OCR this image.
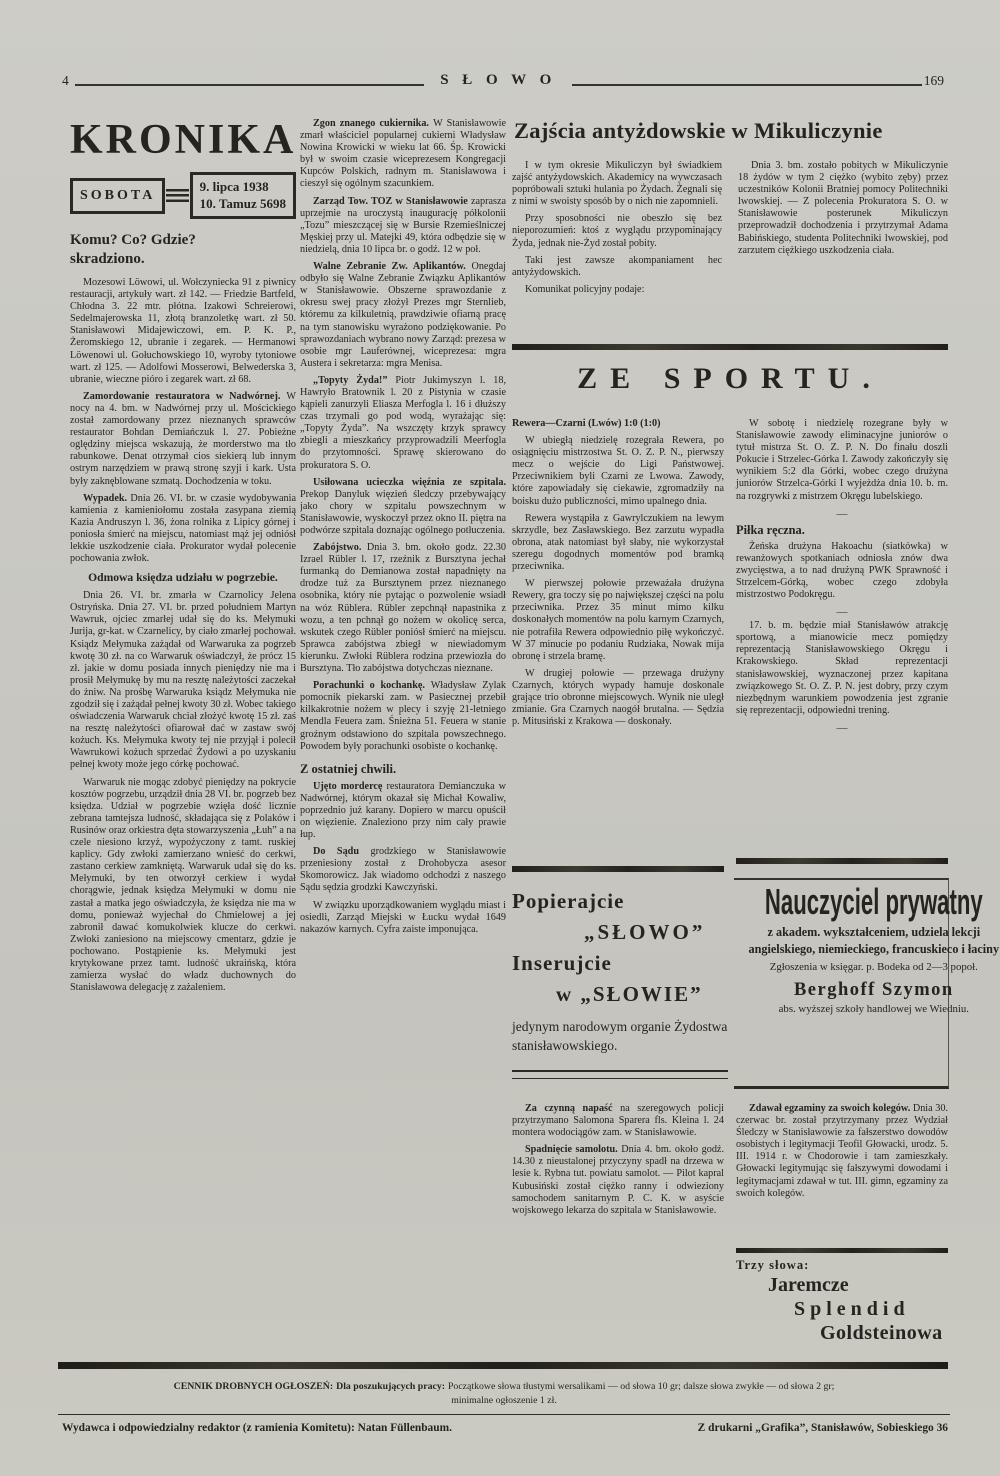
4	S Ł O W O	169
KRONIKA
SOBOTA
9. lipca 1938
10. Tamuz 5698
Komu? Co? Gdzie? skradziono.

Mozesowi Löwowi, ul. Wołczyniecka 91 z piwnicy restauracji, artykuły wart. zł 142. — Friedzie Bartfeld, Chłodna 3. 22 mtr. płótna. Izakowi Schreierowi, Sedelmajerowska 11, złotą branzoletkę wart. zł 50. Stanisławowi Midajewiczowi, em. P. K. P., Żeromskiego 12, ubranie i zegarek. — Hermanowi Löwenowi ul. Gołuchowskiego 10, wyroby tytoniowe wart. zł 125. — Adolfowi Mosserowi, Belwederska 3, ubranie, wieczne pióro i zegarek wart. zł 68.

Zamordowanie restauratora w Nadwórnej. W nocy na 4. bm. w Nadwórnej przy ul. Mościckiego został zamordowany przez nieznanych sprawców restaurator Bohdan Demiańczuk l. 27. Pobieżne oględziny miejsca wskazują, że morderstwo ma tło rabunkowe. Denat otrzymał cios siekierą lub innym ostrym narzędziem w prawą stronę szyji i kark. Usta były zaknęblowane szmatą. Dochodzenia w toku.

Wypadek. Dnia 26. VI. br. w czasie wydobywania kamienia z kamieniołomu została zasypana ziemią Kazia Andruszyn l. 36, żona rolnika z Lipicy górnej i poniosła śmierć na miejscu, natomiast mąż jej odniósł lekkie uszkodzenie ciała. Prokurator wydał polecenie pochowania zwłok.

Odmowa księdza udziału w pogrzebie.

Dnia 26. VI. br. zmarła w Czarnolicy Jelena Ostryńska. Dnia 27. VI. br. przed południem Martyn Wawruk, ojciec zmarłej udał się do ks. Mełymuki Jurija, gr-kat. w Czarnelicy, by ciało zmarłej pochował. Ksiądz Mełymuka zażądał od Warwaruka za pogrzeb kwotę 30 zł. na co Warwaruk oświadczył, że prócz 15 zł. jakie w domu posiada innych pieniędzy nie ma i prosił Mełymukę by mu na resztę należytości zaczekał do żniw. Na prośbę Warwaruka ksiądz Mełymuka nie zgodził się i zażądał pełnej kwoty 30 zł. Wobec takiego oświadczenia Warwaruk chciał złożyć kwotę 15 zł. zaś na resztę należytości ofiarował dać w zastaw swój kożuch. Ks. Mełymuka kwoty tej nie przyjął i polecił Wawrukowi kożuch sprzedać Żydowi a po uzyskaniu pełnej kwoty może jego córkę pochować.

Warwaruk nie mogąc zdobyć pieniędzy na pokrycie kosztów pogrzebu, urządził dnia 28 VI. br. pogrzeb bez księdza. Udział w pogrzebie wzięła dość licznie zebrana tamtejsza ludność, składająca się z Polaków i Rusinów oraz orkiestra dęta stowarzyszenia „Łuh” a na czele niesiono krzyż, wypożyczony z tamt. ruskiej kaplicy. Gdy zwłoki zamierzano wnieść do cerkwi, zastano cerkiew zamkniętą. Warwaruk udał się do ks. Mełymuki, by ten otworzył cerkiew i wydał chorągwie, jednak księdza Mełymuki w domu nie zastał a matka jego oświadczyła, że księdza nie ma w domu, ponieważ wyjechał do Chmielowej a jej zabronił dawać komukolwiek klucze do cerkwi. Zwłoki zaniesiono na miejscowy cmentarz, gdzie je pochowano. Postąpienie ks. Mełymuki jest krytykowane przez tamt. ludność ukraińską, która zamierza wysłać do władz duchownych do Stanisławowa delegację z zażaleniem.

Zgon znanego cukiernika. W Stanisławowie zmarł właściciel popularnej cukierni Władysław Nowina Krowicki w wieku lat 66. Śp. Krowicki był w swoim czasie wiceprezesem Kongregacji Kupców Polskich, radnym m. Stanisławowa i cieszył się ogólnym szacunkiem.

Zarząd Tow. TOZ w Stanisławowie zaprasza uprzejmie na uroczystą inaugurację półkolonii „Tozu” mieszczącej się w Bursie Rzemieślniczej Męskiej przy ul. Matejki 49, która odbędzie się w niedzielą, dnia 10 lipca br. o godź. 12 w poł.

Walne Zebranie Zw. Aplikantów. Onegdaj odbyło się Walne Zebranie Związku Aplikantów w Stanisławowie. Obszerne sprawozdanie z okresu swej pracy złożył Prezes mgr Sternlieb, któremu za kilkuletnią, prawdziwie ofiarną pracę na tym stanowisku wyrażono podziękowanie. Po sprawozdaniach wybrano nowy Zarząd: prezesa w osobie mgr Lauferównej, wiceprezesa: mgra Austera i sekretarza: mgra Menisa.

„Topyty Żyda!” Piotr Jukimyszyn l. 18, Hawryło Bratownik l. 20 z Pistynia w czasie kąpieli zanurzyli Eliasza Merfogla l. 16 i dłuższy czas trzymali go pod wodą, wyrażając się: „Topyty Żyda”. Na wszczęty krzyk sprawcy zbiegli a mieszkańcy przyprowadzili Meerfogla do przytomności. Sprawę skierowano do prokuratora S. O.

Usiłowana ucieczka więźnia ze szpitala.Prekop Danyluk więzień śledczy przebywający jako chory w szpitalu powszechnym w Stanisławowie, wyskoczył przez okno II. piętra na podwórze szpitala doznając ogólnego potłuczenia.

Zabójstwo. Dnia 3. bm. około godz. 22.30 Izrael Rübler l. 17, rzeźnik z Bursztyna jechał furmanką do Demianowa został napadnięty na drodze tuż za Bursztynem przez nieznanego osobnika, który nie pytając o pozwolenie wsiadł na wóz Rüblera. Rübler zepchnął napastnika z wozu, a ten pchnął go nożem w okolicę serca, wskutek czego Rübler poniósł śmierć na miejscu. Sprawca zabójstwa zbiegł w niewiadomym kierunku. Zwłoki Rüblera rodzina przewiozła do Bursztyna. Tło zabójstwa dotychczas nieznane.

Porachunki o kochankę. Władysław Zylak pomocnik piekarski zam. w Pasiecznej przebił kilkakrotnie nożem w plecy i szyję 21-letniego Mendla Feuera zam. Śnieżna 51. Feuera w stanie groźnym odstawiono do szpitala powszechnego. Powodem były porachunki osobiste o kochankę.

Z ostatniej chwili.

Ujęto mordercę restauratora Demianczuka w Nadwórnej, którym okazał się Michał Kowaliw, poprzednio już karany. Dopiero w marcu opuścił on więzienie. Znaleziono przy nim cały prawie łup.

Do Sądu grodzkiego w Stanisławowie przeniesiony został z Drohobycza asesor Skomorowicz. Jak wiadomo odchodzi z naszego Sądu sędzia grodzki Kawczyński.

W związku uporządkowaniem wyglądu miast i osiedli, Zarząd Miejski w Łucku wydał 1649 nakazów karnych. Cyfra zaiste imponująca.

Zajścia antyżdowskie w Mikuliczynie

I w tym okresie Mikuliczyn był świadkiem zajść antyżydowskich. Akademicy na wywczasach popróbowali sztuki hulania po Żydach. Żegnali się z nimi w swoisty sposób by o nich nie zapomnieli.

Przy sposobności nie obeszło się bez nieporozumień: ktoś z wyglądu przypominający Żyda, jednak nie-Żyd został pobity.

Taki jest zawsze akompaniament hec antyżydowskich.

Komunikat policyjny podaje:

Dnia 3. bm. zostało pobitych w Mikuliczynie 18 żydów w tym 2 ciężko (wybito zęby) przez uczestników Kolonii Bratniej pomocy Politechniki lwowskiej. — Z polecenia Prokuratora S. O. w Stanisławowie posterunek Mikuliczyn przeprowadził dochodzenia i przytrzymał Adama Babińskiego, studenta Politechniki lwowskiej, pod zarzutem ciężkiego uszkodzenia ciała.

ZE SPORTU.

Rewera—Czarni (Lwów) 1:0 (1:0)

W ubiegłą niedzielę rozegrała Rewera, po osiągnięciu mistrzostwa St. O. Z. P. N., pierwszy mecz o wejście do Ligi Państwowej. Przeciwnikiem byli Czarni ze Lwowa. Zawody, które zapowiadały się ciekawie, zgromadziły na boisku dużo publiczności, mimo upalnego dnia.

Rewera wystąpiła z Gawrylczukiem na lewym skrzydle, bez Zasławskiego. Bez zarzutu wypadła obrona, atak natomiast był słaby, nie wykorzystał szeregu dogodnych momentów pod bramką przeciwnika.

W pierwszej połowie przeważała drużyna Rewery, gra toczy się po największej części na polu przeciwnika. Przez 35 minut mimo kilku doskonałych momentów na polu karnym Czarnych, nie potrafiła Rewera odpowiednio piłę wykończyć. W 37 minucie po podaniu Rudziaka, Nowak mija obronę i strzela bramę.

W drugiej połowie — przewaga drużyny Czarnych, których wypady hamuje doskonale grające trio obronne miejscowych. Wynik nie uległ zmianie. Gra Czarnych naogół brutalna. — Sędzia p. Mitusiński z Krakowa — doskonały.

W sobotę i niedzielę rozegrane były w Stanisławowie zawody eliminacyjne juniorów o tytuł mistrza St. O. Z. P. N. Do finału doszli Pokucie i Strzelec-Górka I. Zawody zakończyły się wynikiem 5:2 dla Górki, wobec czego drużyna juniorów Strzelca-Górki I wyjeżdża dnia 10. b. m. na rozgrywki z mistrzem Okręgu lubelskiego.

—
Piłka ręczna.

Żeńska drużyna Hakoachu (siatkówka) w rewanżowych spotkaniach odniosła znów dwa zwycięstwa, a to nad drużyną PWK Sprawność i Strzelcem-Górką, wobec czego zdobyła mistrzostwo Podokręgu.

—

17. b. m. będzie miał Stanisławów atrakcję sportową, a mianowicie mecz pomiędzy reprezentacją Stanisławowskiego Okręgu i Krakowskiego. Skład reprezentacji stanisławowskiej, wyznaczonej przez kapitana związkowego St. O. Z. P. N. jest dobry, przy czym niezbędnym warunkiem powodzenia jest zgranie się reprezentacji, odpowiedni trening.

—
Popierajcie
„SŁOWO”
Inserujcie
w „SŁOWIE”
jedynym narodowym organie Żydostwa stanisławowskiego.
Nauczyciel prywatny
z akadem. wykształceniem, udziela lekcji angielskiego, niemieckiego, francuskieco i łaciny
Zgłoszenia w księgar. p. Bodeka od 2—3 popoł.
Berghoff Szymon
abs. wyższej szkoły handlowej we Wiedniu.

Za czynną napaść na szeregowych policji przytrzymano Salomona Sparera fls. Kleina l. 24 montera wodociągów zam. w Stanisławowie.

Spadnięcie samolotu. Dnia 4. bm. około godź. 14.30 z nieustalonej przyczyny spadł na drzewa w lesie k. Rybna tut. powiatu samolot. — Pilot kapral Kubusiński został ciężko ranny i odwieziony samochodem sanitarnym P. C. K. w asyście wojskowego lekarza do szpitala w Stanisławowie.

Zdawał egzaminy za swoich kolegów. Dnia 30. czerwac br. został przytrzymany przez Wydział Śledczy w Stanisławowie za fałszerstwo dowodów osobistych i legitymacji Teofil Głowacki, urodz. 5. III. 1914 r. w Chodorowie i tam zamieszkały. Głowacki legitymując się fałszywymi dowodami i legitymacjami zdawał w tut. III. gimn, egzaminy za swoich kolegów.

Trzy słowa:
Jaremcze
Splendid
Goldsteinowa
CENNIK DROBNYCH OGŁOSZEŃ: Dla poszukujących pracy: Początkowe słowa tłustymi wersalikami — od słowa 10 gr; dalsze słowa zwykłe — od słowa 2 gr;
minimalne ogłoszenie 1 zł.
Wydawca i odpowiedzialny redaktor (z ramienia Komitetu): Natan Füllenbaum.	Z drukarni „Grafika”, Stanisławów, Sobieskiego 36
